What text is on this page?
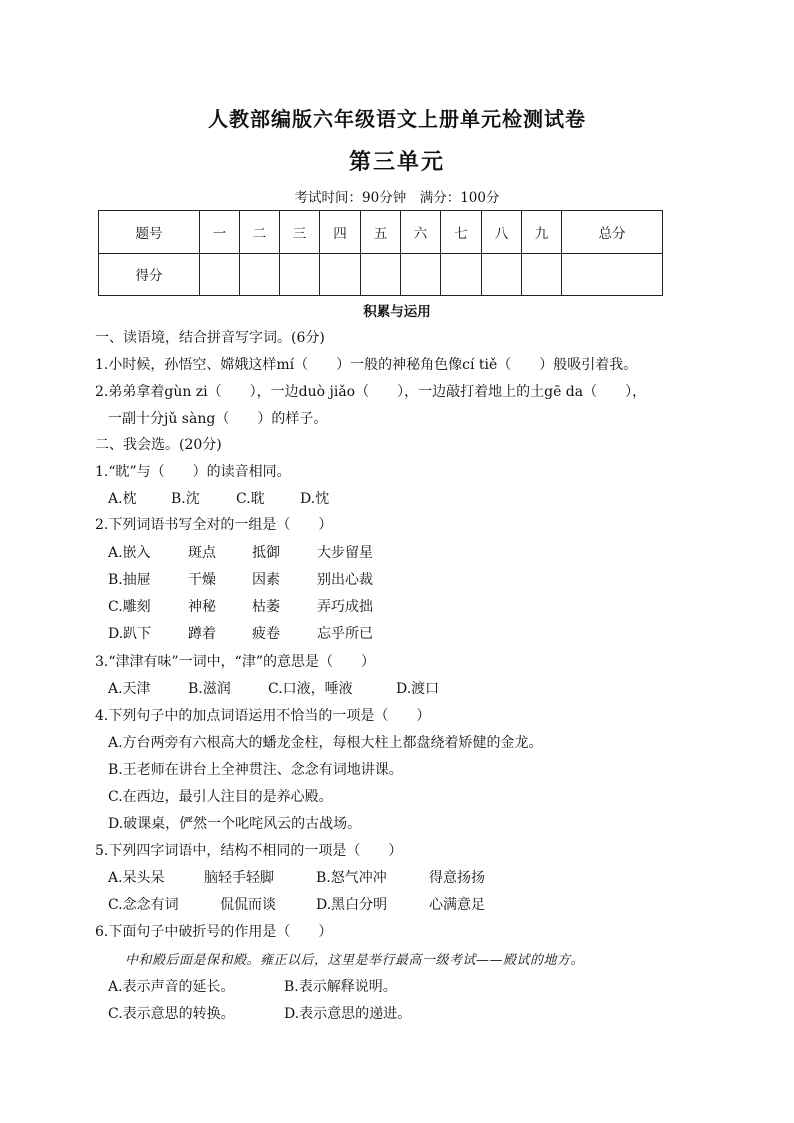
人教部编版六年级语文上册单元检测试卷
第三单元
考试时间：90分钟　满分：100分
题号	一	二	三	四	五	六	七	八	九	总分
得分										
积累与运用
一、读语境，结合拼音写字词。(6分)
1.小时候，孙悟空、嫦娥这样mí（　　）一般的神秘角色像cí tiě（　　）般吸引着我。
2.弟弟拿着gùn zi（　　），一边duò jiǎo（　　），一边敲打着地上的土gē da（　　），
一副十分jǔ sàng（　　）的样子。
二、我会选。(20分)
1.“眈”与（　　）的读音相同。
A.枕 B.沈	C.耽	D.忱
2.下列词语书写全对的一组是（　　）
A.嵌入	斑点	抵御	大步留星
B.抽屉	干燥	因素	别出心裁
C.雕刻	神秘	枯萎	弄巧成拙
D.趴下	蹲着	疲卷	忘乎所已
3.“津津有味”一词中，“津”的意思是（　　）
A.天津	B.滋润	C.口液，唾液	D.渡口
4.下列句子中的加点词语运用不恰当的一项是（　　）
A.方台两旁有六根高大的蟠龙金柱，每根大柱上都盘绕着矫健的金龙。
B.王老师在讲台上全神贯注、念念有词地讲课。
C.在西边，最引人注目的是养心殿。
D.破课桌，俨然一个叱咤风云的古战场。
5.下列四字词语中，结构不相同的一项是（　　）
A.呆头呆	脑轻手轻脚	B.怒气冲冲	得意扬扬
C.念念有词	侃侃而谈	D.黑白分明	心满意足
6.下面句子中破折号的作用是（　　）
中和殿后面是保和殿。雍正以后，这里是举行最高一级考试——殿试的地方。
A.表示声音的延长。	B.表示解释说明。
C.表示意思的转换。	D.表示意思的递进。
